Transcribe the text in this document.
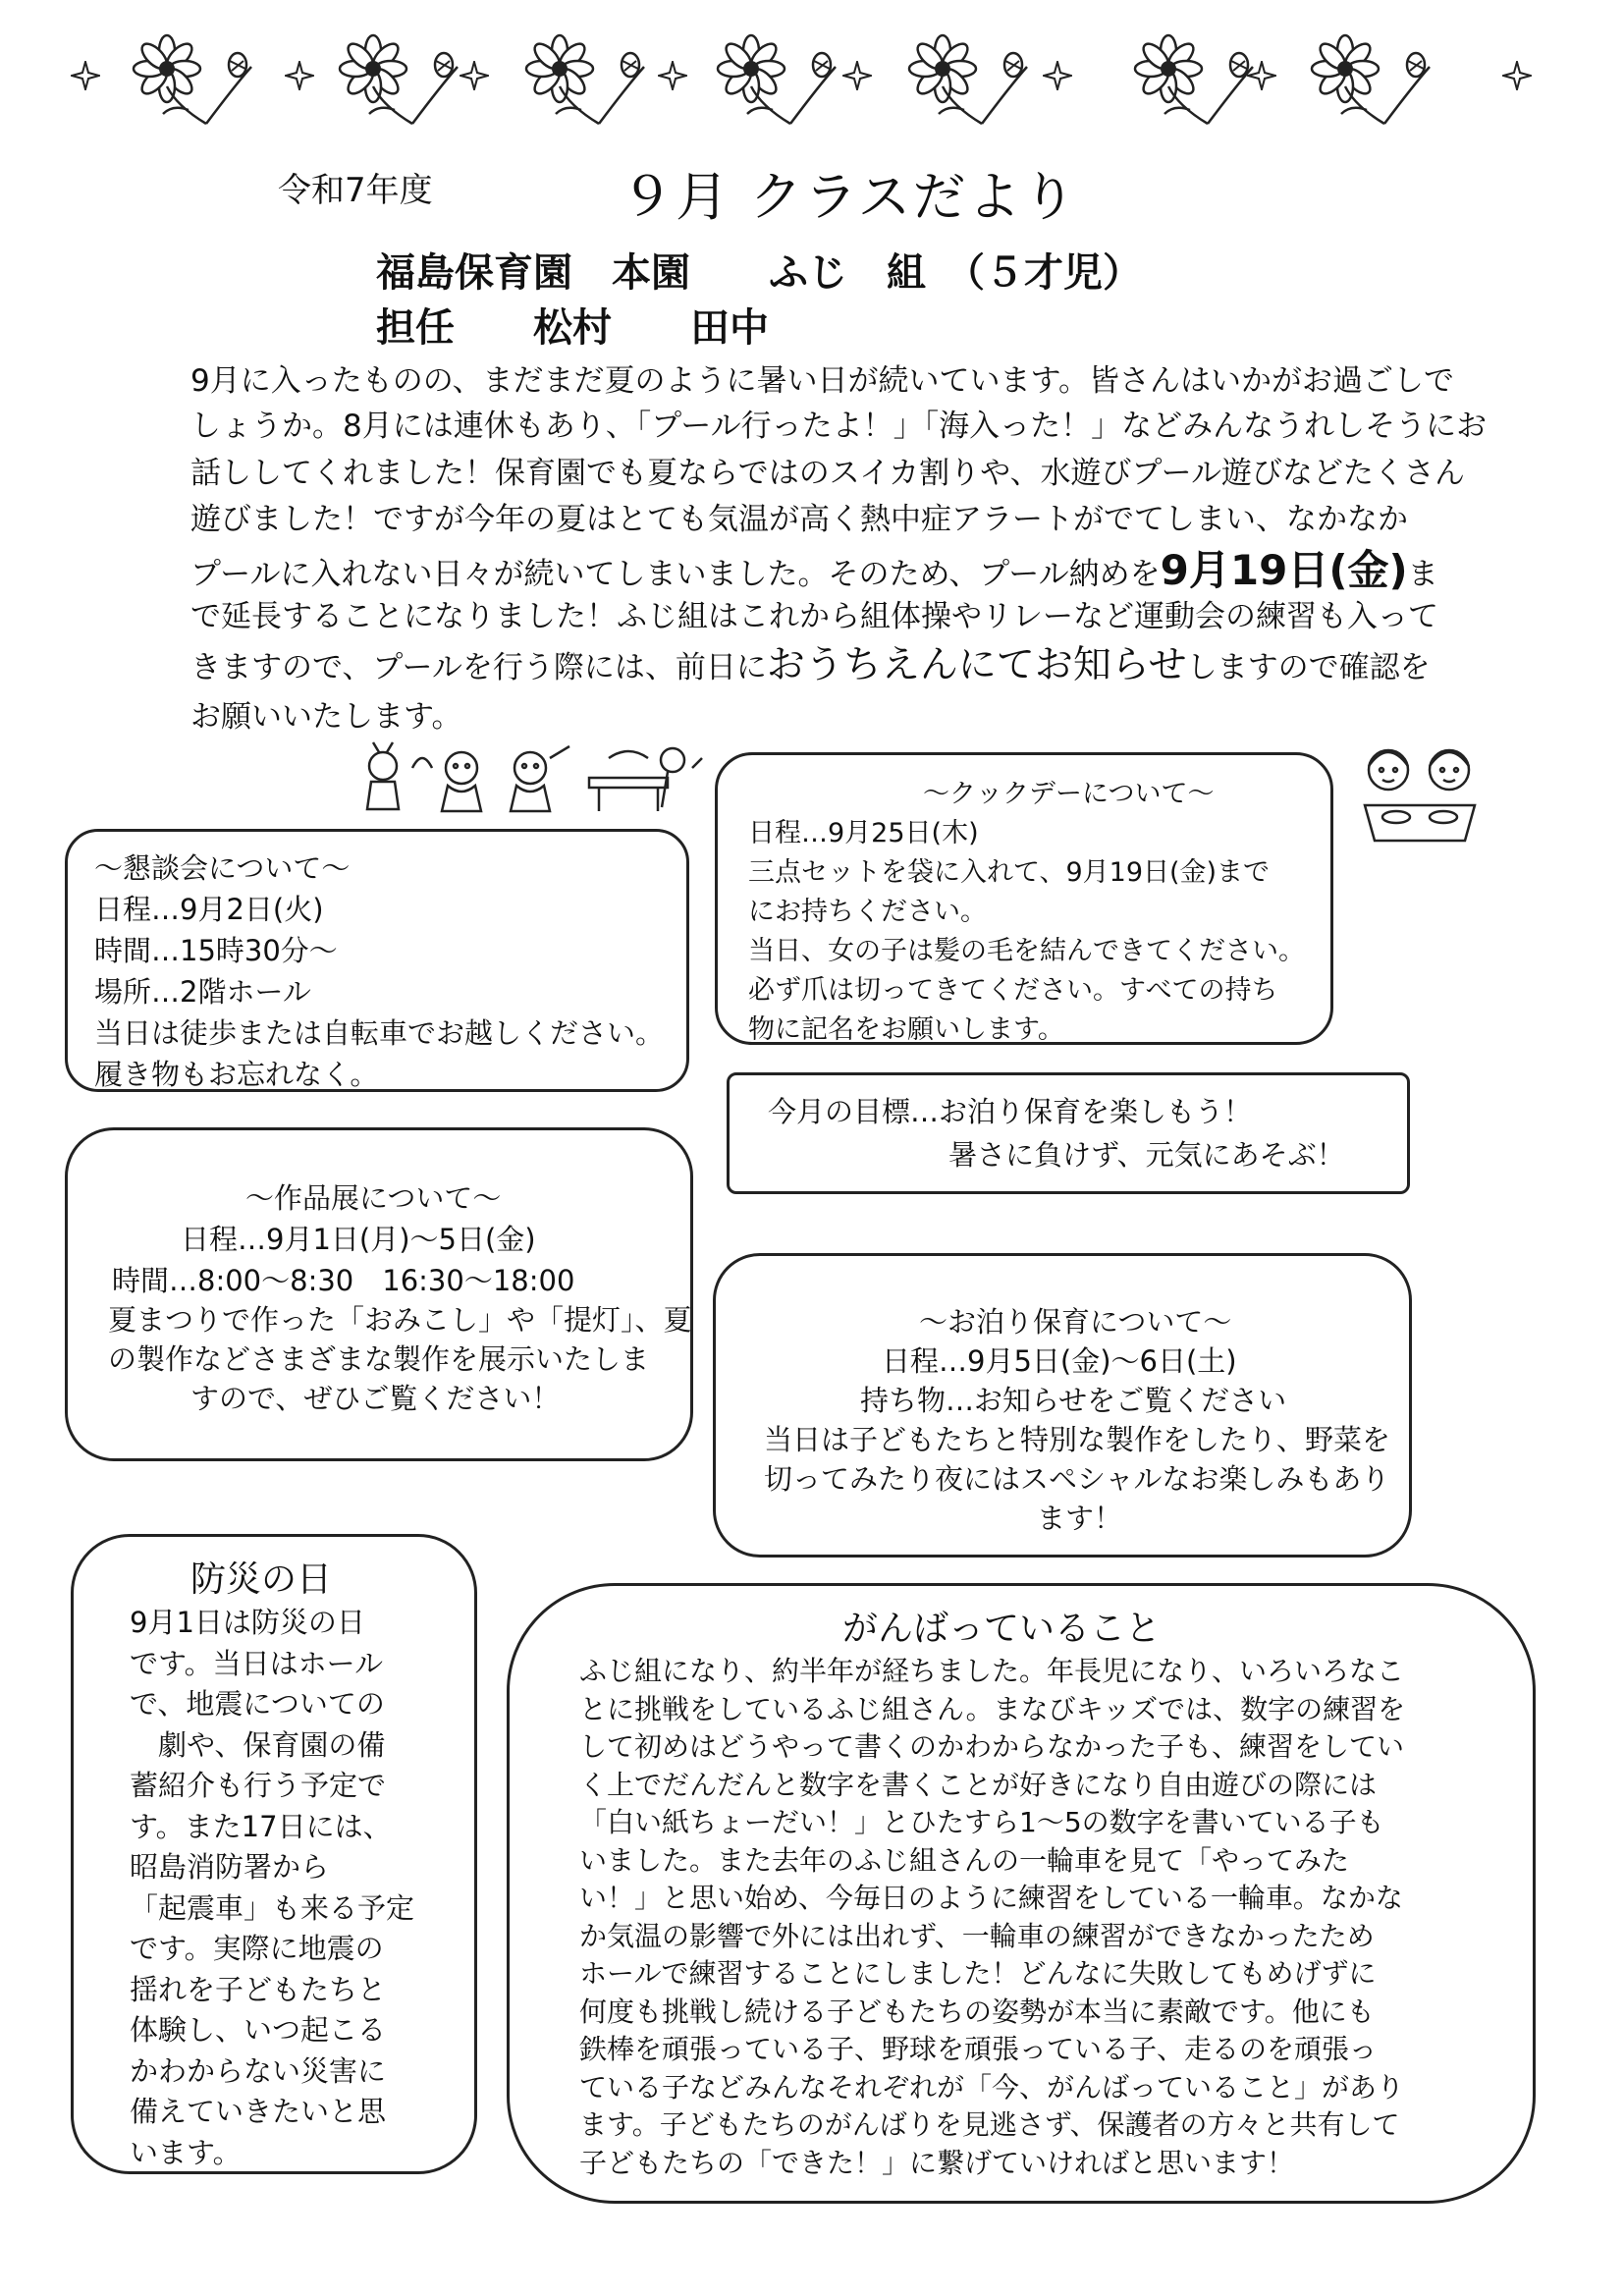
令和7年度	９月 クラスだより
福島保育園　本園　　ふじ　組　（５才児）
担任　　松村　　田中
9月に入ったものの、まだまだ夏のように暑い日が続いています。皆さんはいかがお過ごしで
しょうか。8月には連休もあり、「プール行ったよ！」「海入った！」などみんなうれしそうにお
話ししてくれました！保育園でも夏ならではのスイカ割りや、水遊びプール遊びなどたくさん
遊びました！ですが今年の夏はとても気温が高く熱中症アラートがでてしまい、なかなか
プールに入れない日々が続いてしまいました。そのため、プール納めを9月19日(金)ま
で延長することになりました！ふじ組はこれから組体操やリレーなど運動会の練習も入って
きますので、プールを行う際には、前日におうちえんにてお知らせしますので確認を
お願いいたします。
～懇談会について～
日程…9月2日(火)
時間…15時30分～
場所…2階ホール
当日は徒歩または自転車でお越しください。
履き物もお忘れなく。
～クックデーについて～
日程…9月25日(木)
三点セットを袋に入れて、9月19日(金)まで
にお持ちください。
当日、女の子は髪の毛を結んできてください。
必ず爪は切ってきてください。すべての持ち
物に記名をお願いします。
今月の目標…お泊り保育を楽しもう！
暑さに負けず、元気にあそぶ！
～作品展について～
日程…9月1日(月)～5日(金)
時間…8:00～8:30　16:30～18:00
夏まつりで作った「おみこし」や「提灯」、夏
の製作などさまざまな製作を展示いたしま
すので、ぜひご覧ください！
～お泊り保育について～
日程…9月5日(金)～6日(土)
持ち物…お知らせをご覧ください
当日は子どもたちと特別な製作をしたり、野菜を
切ってみたり夜にはスペシャルなお楽しみもあり
ます！
防災の日
9月1日は防災の日
です。当日はホール
で、地震についての
　劇や、保育園の備
蓄紹介も行う予定で
す。また17日には、
昭島消防署から
「起震車」も来る予定
です。実際に地震の
揺れを子どもたちと
体験し、いつ起こる
かわからない災害に
備えていきたいと思
います。
がんばっていること
ふじ組になり、約半年が経ちました。年長児になり、いろいろなこ
とに挑戦をしているふじ組さん。まなびキッズでは、数字の練習を
して初めはどうやって書くのかわからなかった子も、練習をしてい
く上でだんだんと数字を書くことが好きになり自由遊びの際には
「白い紙ちょーだい！」とひたすら1～5の数字を書いている子も
いました。また去年のふじ組さんの一輪車を見て「やってみた
い！」と思い始め、今毎日のように練習をしている一輪車。なかな
か気温の影響で外には出れず、一輪車の練習ができなかったため
ホールで練習することにしました！どんなに失敗してもめげずに
何度も挑戦し続ける子どもたちの姿勢が本当に素敵です。他にも
鉄棒を頑張っている子、野球を頑張っている子、走るのを頑張っ
ている子などみんなそれぞれが「今、がんばっていること」があり
ます。子どもたちのがんばりを見逃さず、保護者の方々と共有して
子どもたちの「できた！」に繋げていければと思います！
